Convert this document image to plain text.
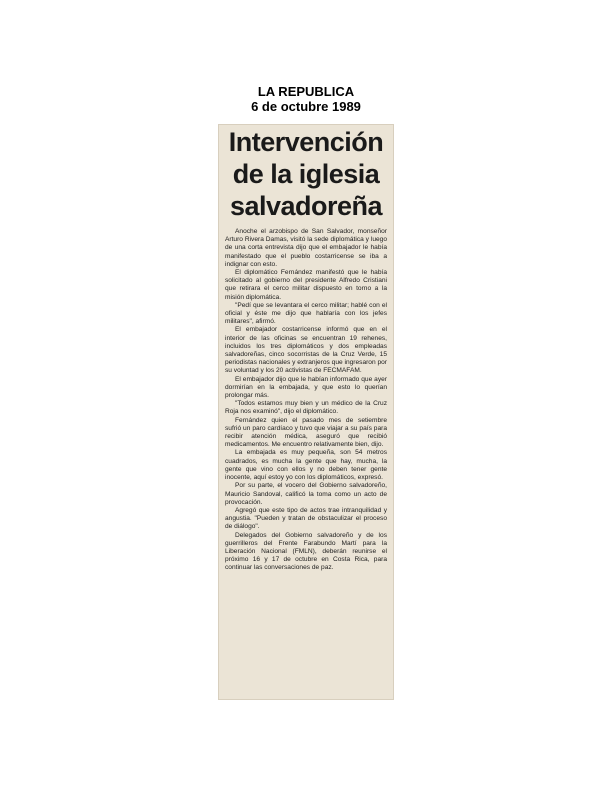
LA REPUBLICA
6 de octubre 1989
Intervención
de la iglesia
salvadoreña

Anoche el arzobispo de San Salvador, monseñor Arturo Rivera Damas, visitó la sede diplomática y luego de una corta entrevista dijo que el embajador le había manifestado que el pueblo costarricense se iba a indignar con esto.

El diplomático Fernández manifestó que le había solicitado al gobierno del presidente Alfredo Cristiani que retirara el cerco militar dispuesto en torno a la misión diplomática.

"Pedí que se levantara el cerco militar; hablé con el oficial y éste me dijo que hablaría con los jefes militares", afirmó.

El embajador costarricense informó que en el interior de las oficinas se encuentran 19 rehenes, incluidos los tres diplomáticos y dos empleadas salvadoreñas, cinco socorristas de la Cruz Verde, 15 periodistas nacionales y extranjeros que ingresaron por su voluntad y los 20 activistas de FECMAFAM.

El embajador dijo que le habían informado que ayer dormirían en la embajada, y que esto lo querían prolongar más.

"Todos estamos muy bien y un médico de la Cruz Roja nos examinó", dijo el diplomático.

Fernández quien el pasado mes de setiembre sufrió un paro cardíaco y tuvo que viajar a su país para recibir atención médica, aseguró que recibió medicamentos. Me encuentro relativamente bien, dijo.

La embajada es muy pequeña, son 54 metros cuadrados, es mucha la gente que hay, mucha, la gente que vino con ellos y no deben tener gente inocente, aquí estoy yo con los diplomáticos, expresó.

Por su parte, el vocero del Gobierno salvadoreño, Mauricio Sandoval, calificó la toma como un acto de provocación.

Agregó que este tipo de actos trae intranquilidad y angustia. "Pueden y tratan de obstaculizar el proceso de diálogo".

Delegados del Gobierno salvadoreño y de los guerrilleros del Frente Farabundo Martí para la Liberación Nacional (FMLN), deberán reunirse el próximo 16 y 17 de octubre en Costa Rica, para continuar las conversaciones de paz.
